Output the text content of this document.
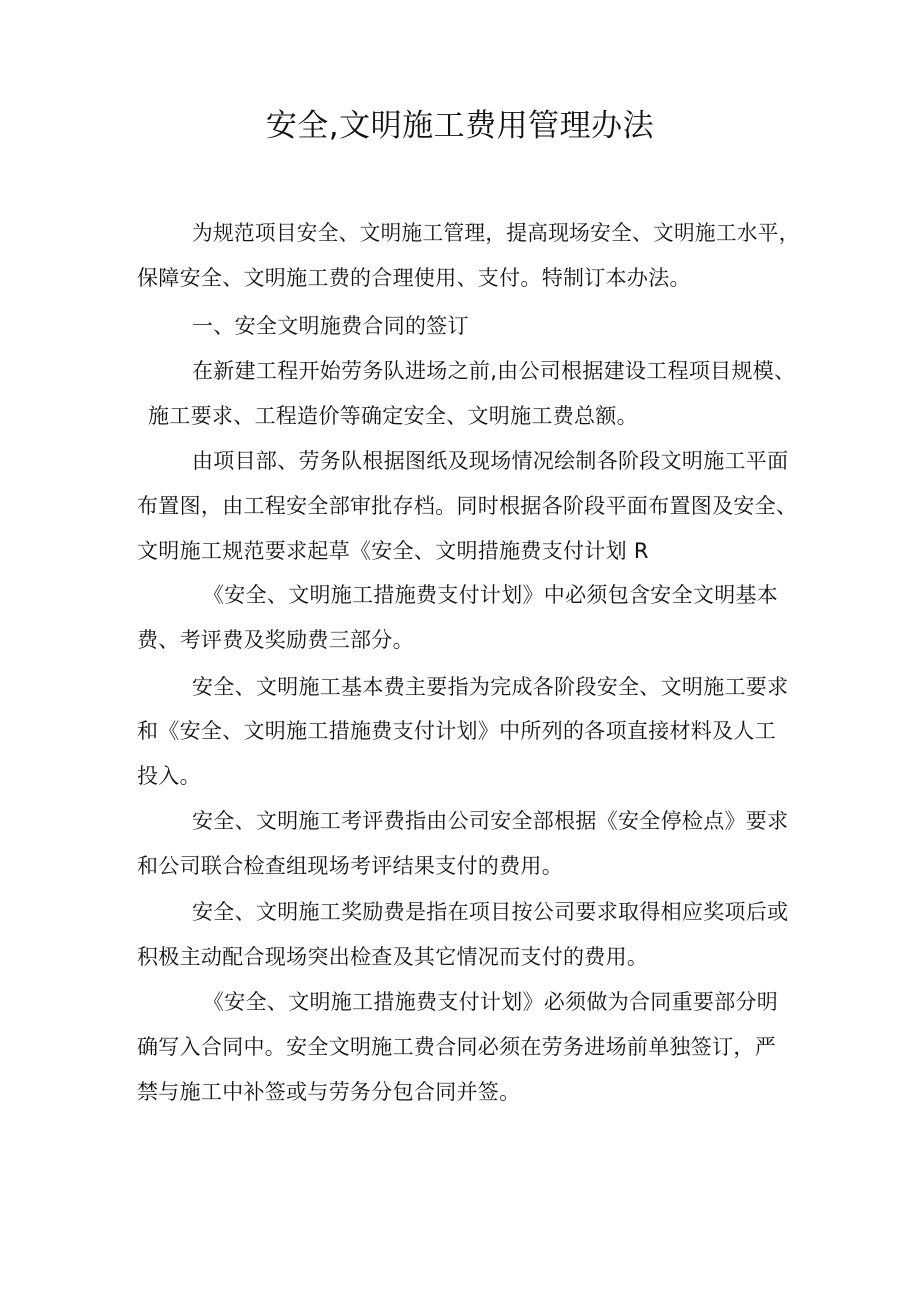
安全,文明施工费用管理办法
为规范项目安全、文明施工管理，提高现场安全、文明施工水平，
保障安全、文明施工费的合理使用、支付。特制订本办法。
一、安全文明施费合同的签订
在新建工程开始劳务队进场之前,由公司根据建设工程项目规模、
施工要求、工程造价等确定安全、文明施工费总额。
由项目部、劳务队根据图纸及现场情况绘制各阶段文明施工平面
布置图，由工程安全部审批存档。同时根据各阶段平面布置图及安全、
文明施工规范要求起草《安全、文明措施费支付计划 R
《安全、文明施工措施费支付计划》中必须包含安全文明基本
费、考评费及奖励费三部分。
安全、文明施工基本费主要指为完成各阶段安全、文明施工要求
和《安全、文明施工措施费支付计划》中所列的各项直接材料及人工
投入。
安全、文明施工考评费指由公司安全部根据《安全停检点》要求
和公司联合检查组现场考评结果支付的费用。
安全、文明施工奖励费是指在项目按公司要求取得相应奖项后或
积极主动配合现场突出检查及其它情况而支付的费用。
《安全、文明施工措施费支付计划》必须做为合同重要部分明
确写入合同中。安全文明施工费合同必须在劳务进场前单独签订，严
禁与施工中补签或与劳务分包合同并签。
